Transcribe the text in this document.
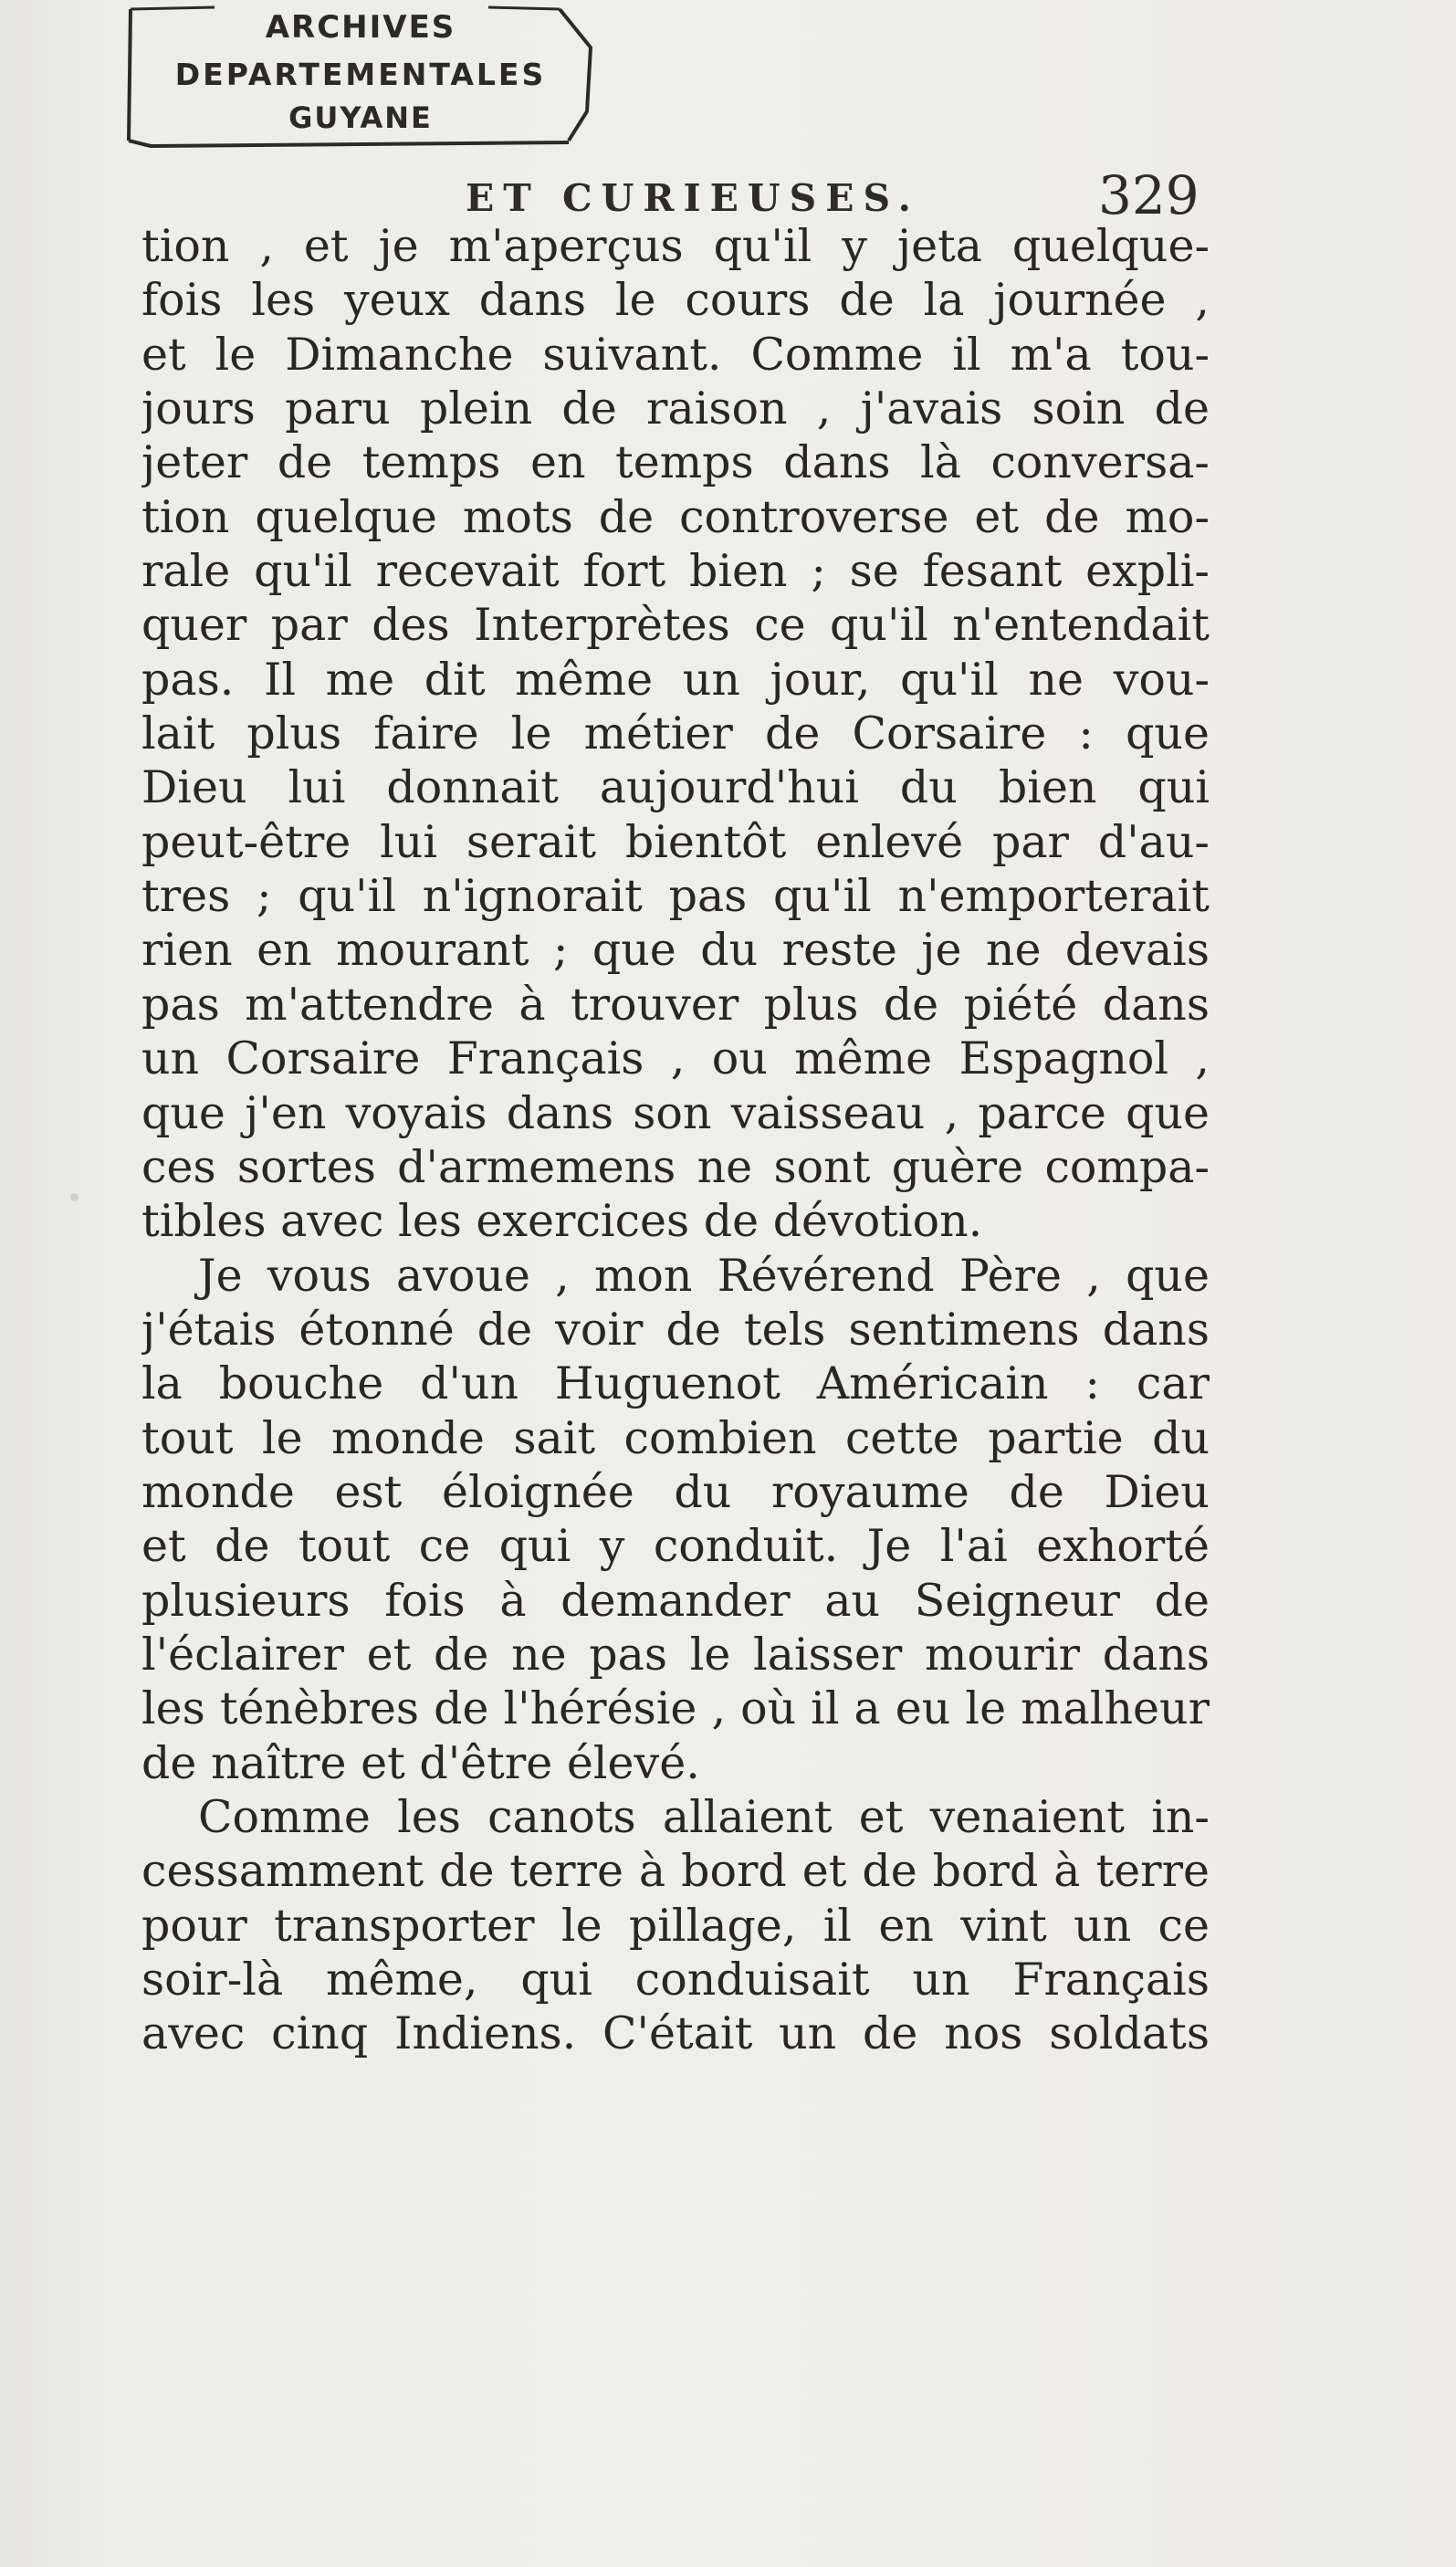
ARCHIVES
DEPARTEMENTALES
GUYANE
ET CURIEUSES.	329
tion , et je m'aperçus qu'il y jeta quelque-
fois les yeux dans le cours de la journée ,
et le Dimanche suivant. Comme il m'a tou-
jours paru plein de raison , j'avais soin de
jeter de temps en temps dans là conversa-
tion quelque mots de controverse et de mo-
rale qu'il recevait fort bien ; se fesant expli-
quer par des Interprètes ce qu'il n'entendait
pas. Il me dit même un jour, qu'il ne vou-
lait plus faire le métier de Corsaire : que
Dieu lui donnait aujourd'hui du bien qui
peut-être lui serait bientôt enlevé par d'au-
tres ; qu'il n'ignorait pas qu'il n'emporterait
rien en mourant ; que du reste je ne devais
pas m'attendre à trouver plus de piété dans
un Corsaire Français , ou même Espagnol ,
que j'en voyais dans son vaisseau , parce que
ces sortes d'armemens ne sont guère compa-
tibles avec les exercices de dévotion.
Je vous avoue , mon Révérend Père , que
j'étais étonné de voir de tels sentimens dans
la bouche d'un Huguenot Américain : car
tout le monde sait combien cette partie du
monde est éloignée du royaume de Dieu
et de tout ce qui y conduit. Je l'ai exhorté
plusieurs fois à demander au Seigneur de
l'éclairer et de ne pas le laisser mourir dans
les ténèbres de l'hérésie , où il a eu le malheur
de naître et d'être élevé.
Comme les canots allaient et venaient in-
cessamment de terre à bord et de bord à terre
pour transporter le pillage, il en vint un ce
soir-là même, qui conduisait un Français
avec cinq Indiens. C'était un de nos soldats
